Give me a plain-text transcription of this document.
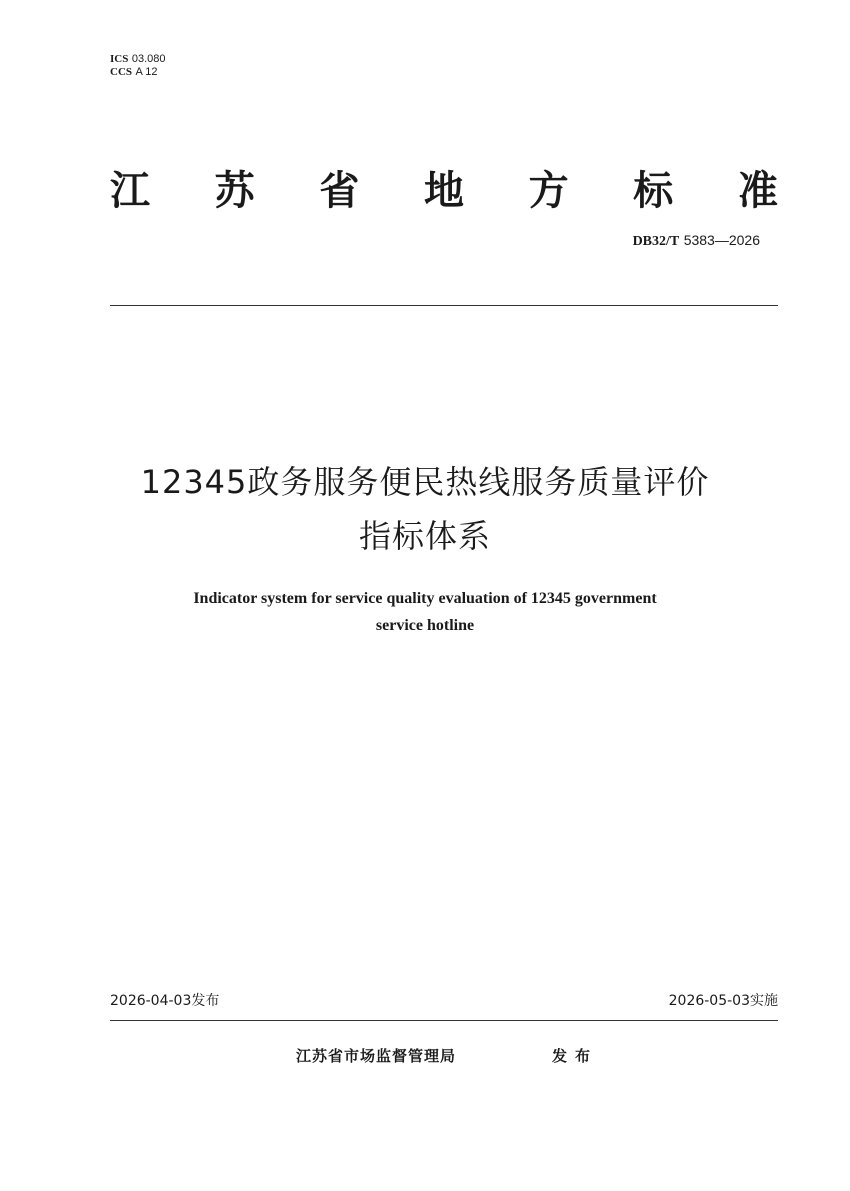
ICS 03.080
CCS A 12
江 苏 省 地 方 标 准
DB32/T 5383—2026
12345政务服务便民热线服务质量评价
指标体系
Indicator system for service quality evaluation of 12345 government
service hotline
2026-04-03发布	2026-05-03实施
江苏省市场监督管理局	发布
